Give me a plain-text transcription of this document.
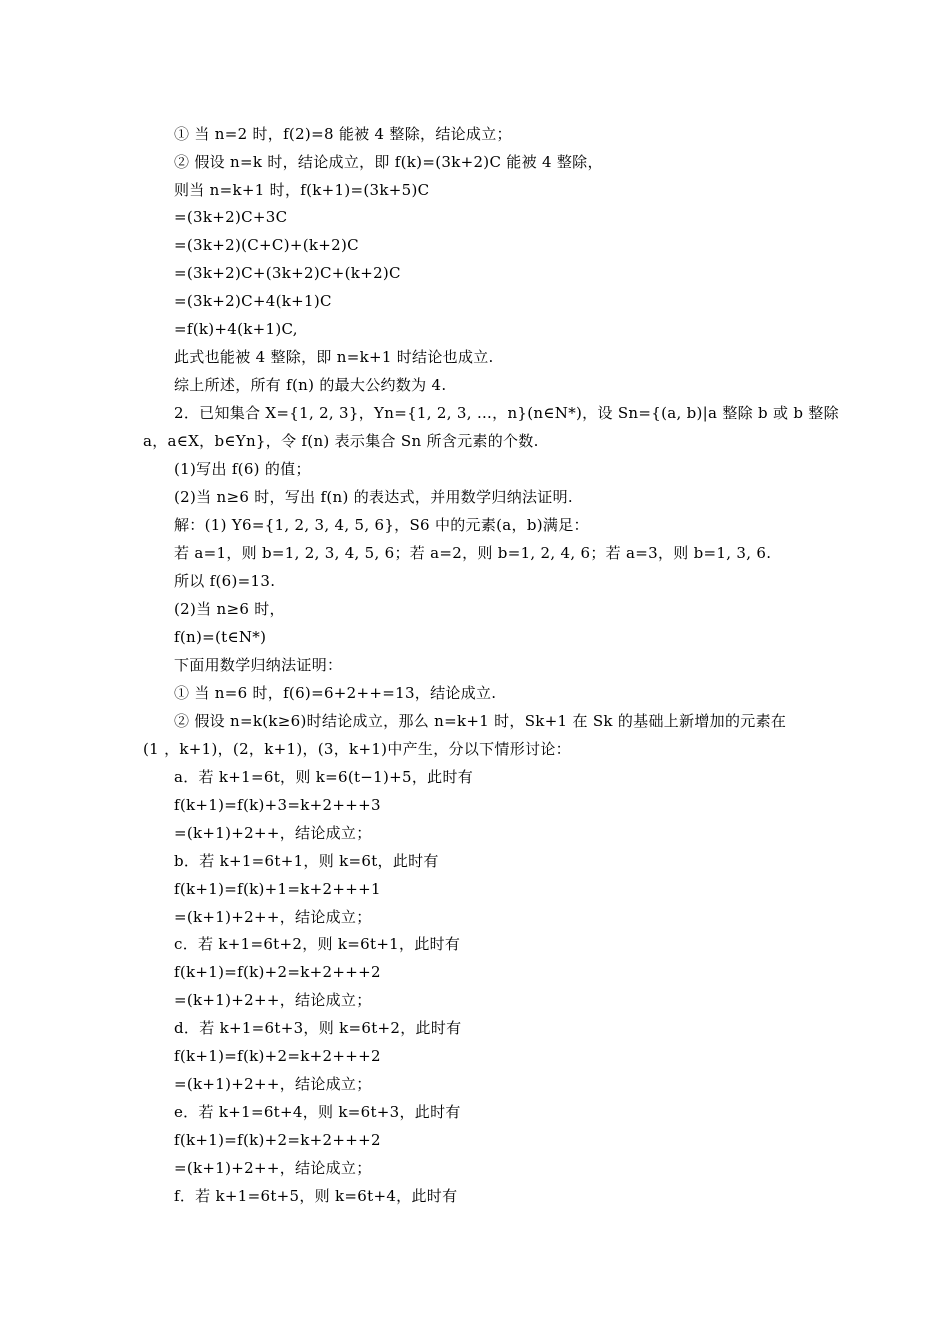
① 当 n=2 时，f(2)=8 能被 4 整除，结论成立；
② 假设 n=k 时，结论成立，即 f(k)=(3k+2)C 能被 4 整除，
则当 n=k+1 时，f(k+1)=(3k+5)C
=(3k+2)C+3C
=(3k+2)(C+C)+(k+2)C
=(3k+2)C+(3k+2)C+(k+2)C
=(3k+2)C+4(k+1)C
=f(k)+4(k+1)C,
此式也能被 4 整除，即 n=k+1 时结论也成立.
综上所述，所有 f(n) 的最大公约数为 4.
2．已知集合 X={1, 2, 3}，Yn={1, 2, 3, …，n}(n∈N*)，设 Sn={(a, b)|a 整除 b 或 b 整除
a，a∈X，b∈Yn}，令 f(n) 表示集合 Sn 所含元素的个数.
(1)写出 f(6) 的值；
(2)当 n≥6 时，写出 f(n) 的表达式，并用数学归纳法证明.
解：(1) Y6={1, 2, 3, 4, 5, 6}，S6 中的元素(a，b)满足：
若 a=1，则 b=1, 2, 3, 4, 5, 6；若 a=2，则 b=1, 2, 4, 6；若 a=3，则 b=1, 3, 6.
所以 f(6)=13.
(2)当 n≥6 时，
f(n)=(t∈N*)
下面用数学归纳法证明：
① 当 n=6 时，f(6)=6+2++=13，结论成立.
② 假设 n=k(k≥6)时结论成立，那么 n=k+1 时，Sk+1 在 Sk 的基础上新增加的元素在
(1 ，k+1)，(2，k+1)，(3，k+1)中产生，分以下情形讨论：
a．若 k+1=6t，则 k=6(t−1)+5，此时有
f(k+1)=f(k)+3=k+2+++3
=(k+1)+2++，结论成立；
b．若 k+1=6t+1，则 k=6t，此时有
f(k+1)=f(k)+1=k+2+++1
=(k+1)+2++，结论成立；
c．若 k+1=6t+2，则 k=6t+1，此时有
f(k+1)=f(k)+2=k+2+++2
=(k+1)+2++，结论成立；
d．若 k+1=6t+3，则 k=6t+2，此时有
f(k+1)=f(k)+2=k+2+++2
=(k+1)+2++，结论成立；
e．若 k+1=6t+4，则 k=6t+3，此时有
f(k+1)=f(k)+2=k+2+++2
=(k+1)+2++，结论成立；
f．若 k+1=6t+5，则 k=6t+4，此时有
